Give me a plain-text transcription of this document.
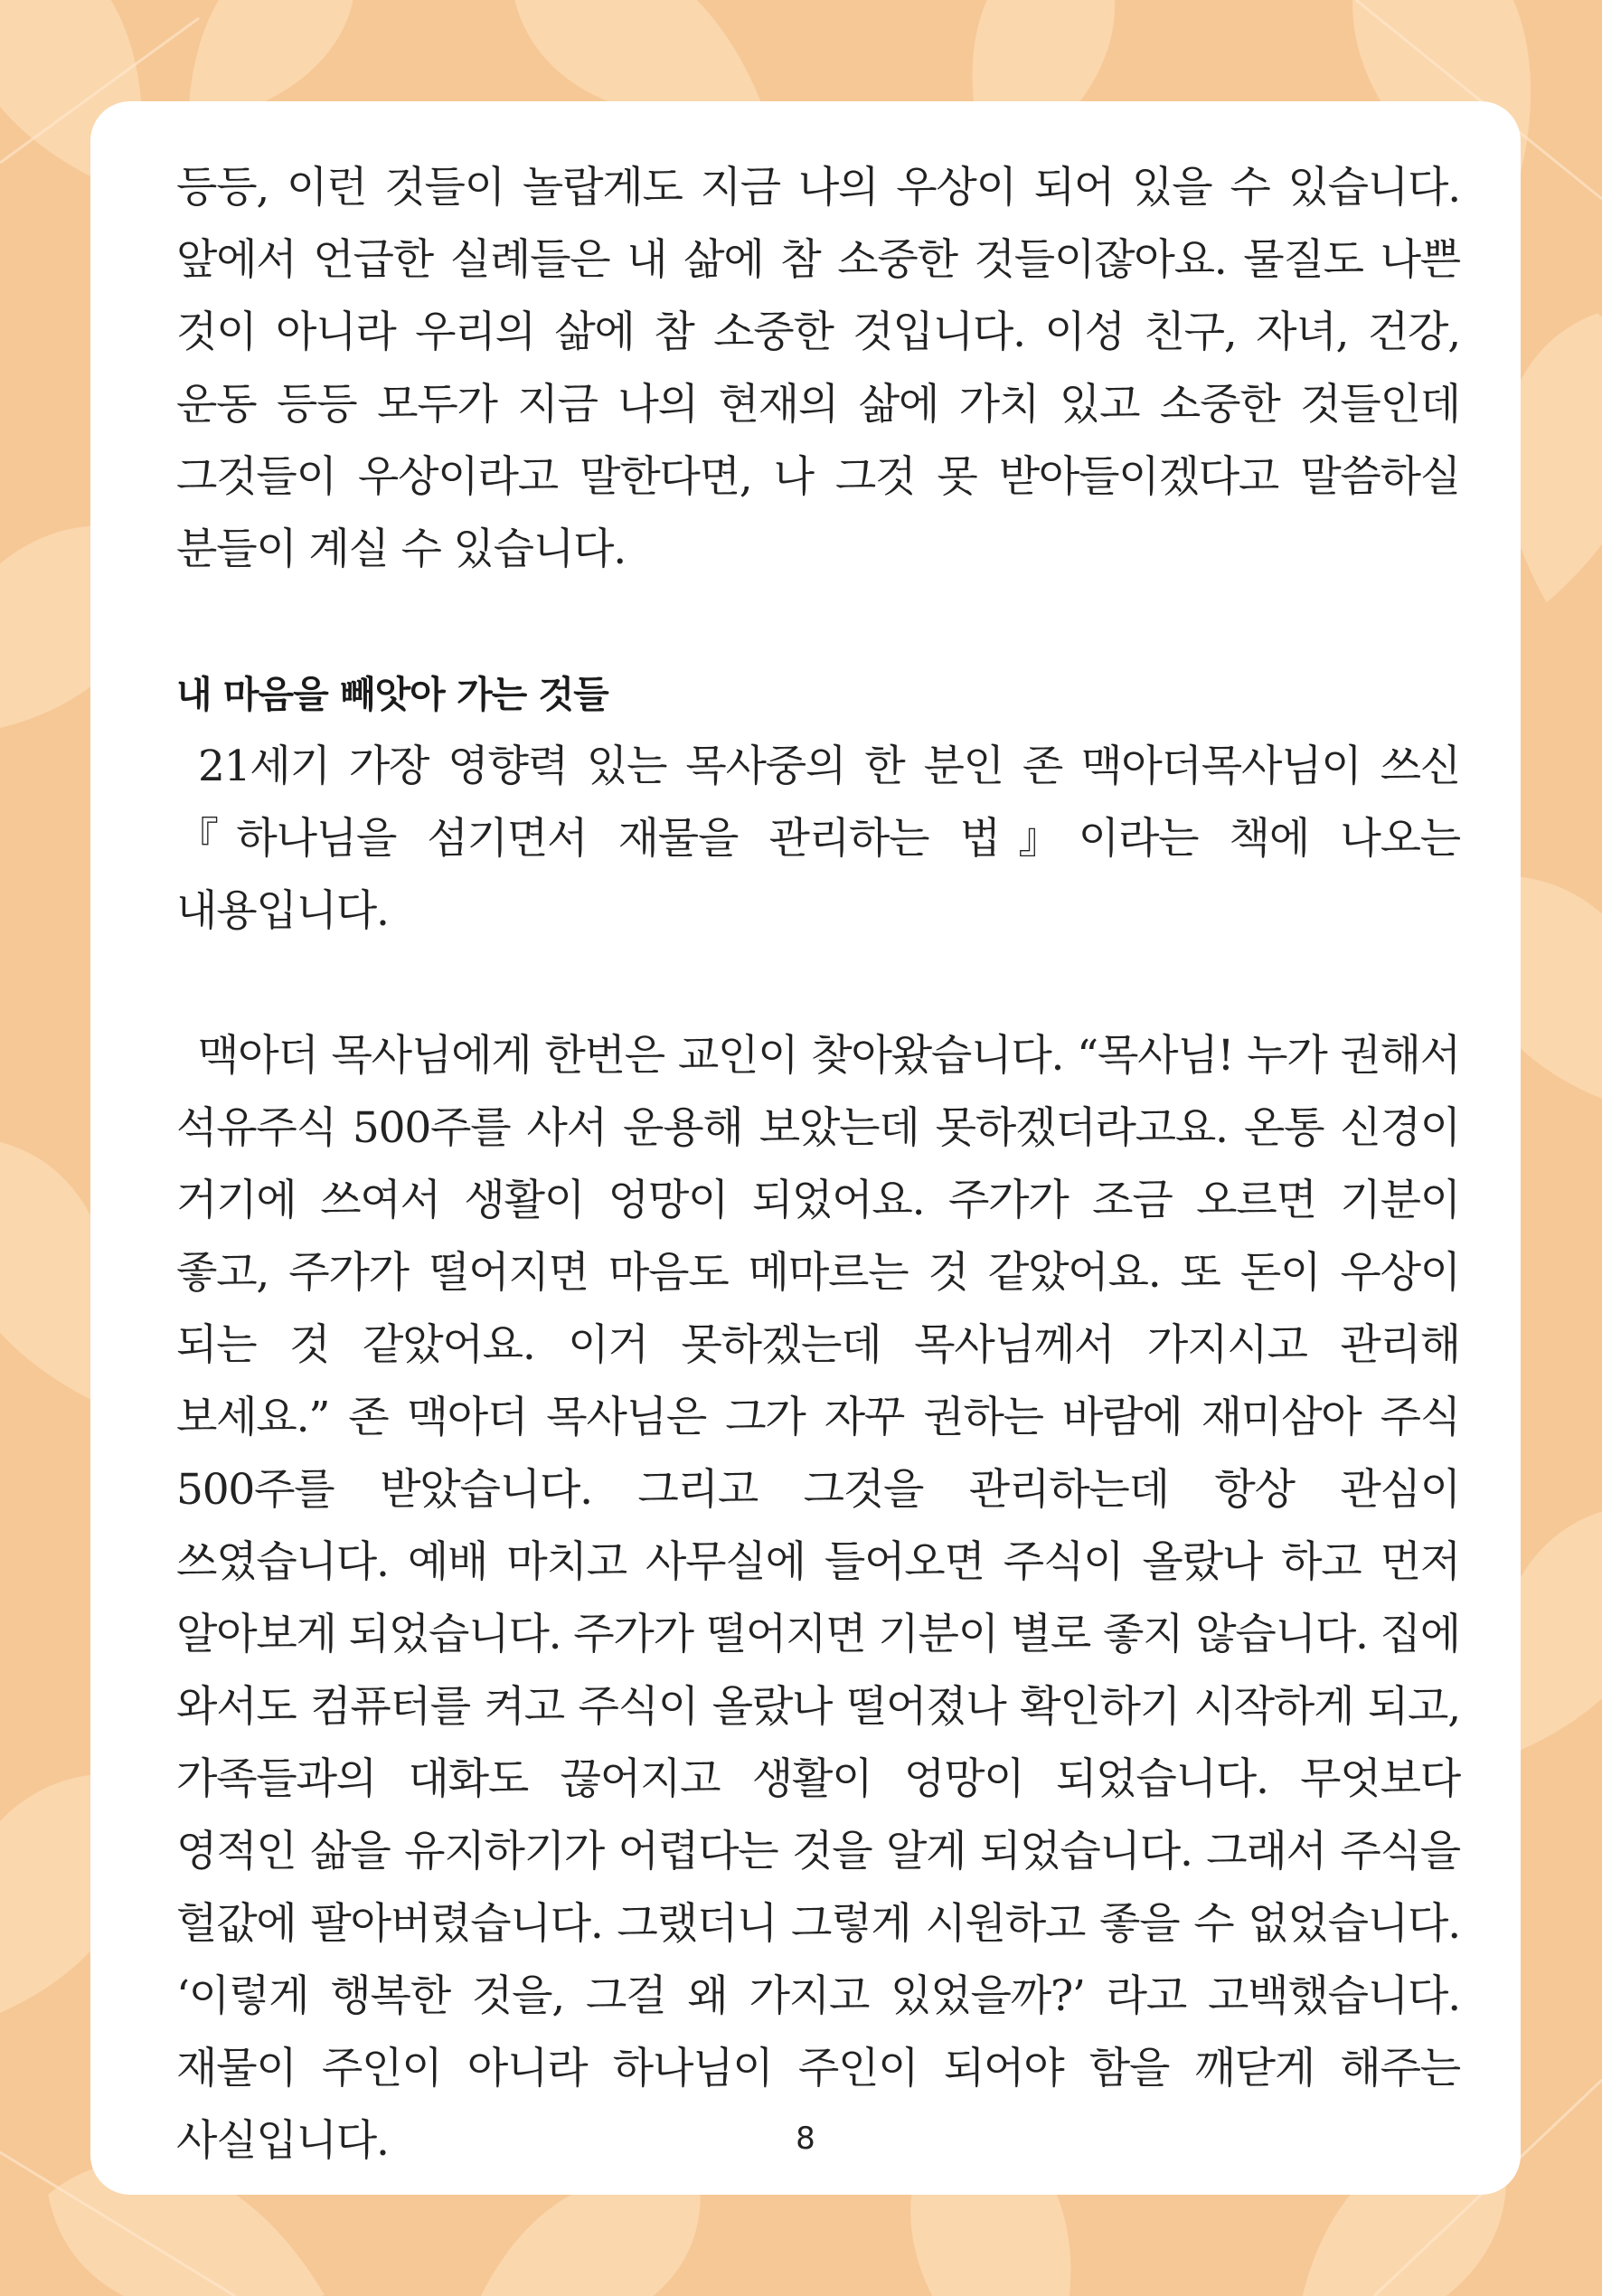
등등, 이런 것들이 놀랍게도 지금 나의 우상이 되어 있을 수 있습니다. 앞에서 언급한 실례들은 내 삶에 참 소중한 것들이잖아요. 물질도 나쁜 것이 아니라 우리의 삶에 참 소중한 것입니다. 이성 친구, 자녀, 건강, 운동 등등 모두가 지금 나의 현재의 삶에 가치 있고 소중한 것들인데 그것들이 우상이라고 말한다면, 나 그것 못 받아들이겠다고 말씀하실 분들이 계실 수 있습니다.

내 마음을 빼앗아 가는 것들

21세기 가장 영향력 있는 목사중의 한 분인 존 맥아더목사님이 쓰신 『하나님을 섬기면서 재물을 관리하는 법』이라는 책에 나오는 내용입니다.

맥아더 목사님에게 한번은 교인이 찾아왔습니다. “목사님! 누가 권해서 석유주식 500주를 사서 운용해 보았는데 못하겠더라고요. 온통 신경이 거기에 쓰여서 생활이 엉망이 되었어요. 주가가 조금 오르면 기분이 좋고, 주가가 떨어지면 마음도 메마르는 것 같았어요. 또 돈이 우상이 되는 것 같았어요. 이거 못하겠는데 목사님께서 가지시고 관리해 보세요.” 존 맥아더 목사님은 그가 자꾸 권하는 바람에 재미삼아 주식 500주를 받았습니다. 그리고 그것을 관리하는데 항상 관심이 쓰였습니다. 예배 마치고 사무실에 들어오면 주식이 올랐나 하고 먼저 알아보게 되었습니다. 주가가 떨어지면 기분이 별로 좋지 않습니다. 집에 와서도 컴퓨터를 켜고 주식이 올랐나 떨어졌나 확인하기 시작하게 되고, 가족들과의 대화도 끊어지고 생활이 엉망이 되었습니다. 무엇보다 영적인 삶을 유지하기가 어렵다는 것을 알게 되었습니다. 그래서 주식을 헐값에 팔아버렸습니다. 그랬더니 그렇게 시원하고 좋을 수 없었습니다. ‘이렇게 행복한 것을, 그걸 왜 가지고 있었을까?’ 라고 고백했습니다. 재물이 주인이 아니라 하나님이 주인이 되어야 함을 깨닫게 해주는 사실입니다.	8
